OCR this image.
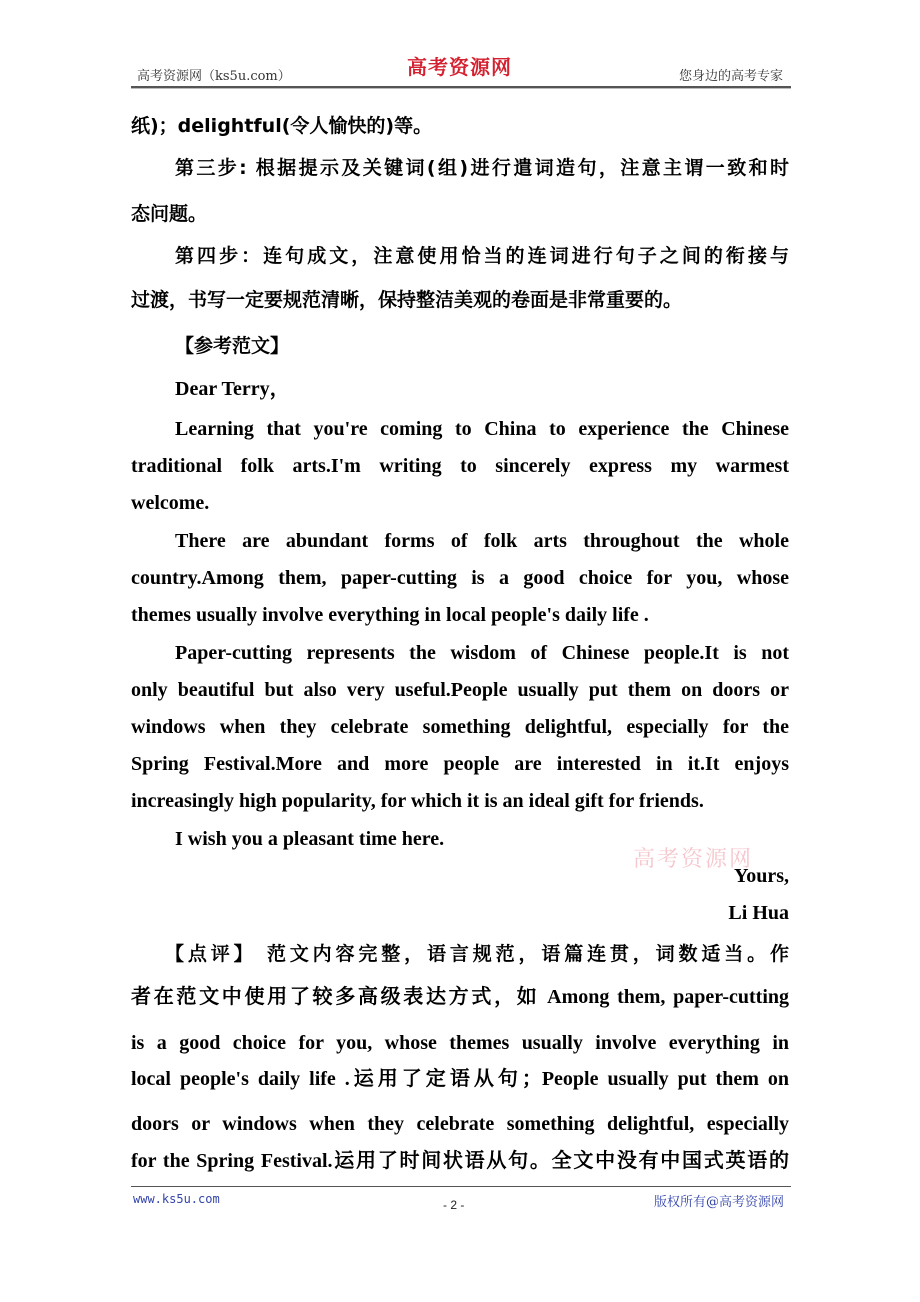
高考资源网（ks5u.com）	高考资源网	您身边的高考专家
纸)；delightful(令人愉快的)等。
第三步: 根据提示及关键词(组)进行遣词造句，注意主谓一致和时
态问题。
第四步：连句成文，注意使用恰当的连词进行句子之间的衔接与
过渡，书写一定要规范清晰，保持整洁美观的卷面是非常重要的。
【参考范文】
Dear Terry，
Learning that you're coming to China to experience the Chinese
traditional folk arts.I'm writing to sincerely express my warmest
welcome.
There are abundant forms of folk arts throughout the whole
country.Among them, paper-cutting is a good choice for you, whose
themes usually involve everything in local people's daily life .
Paper-cutting represents the wisdom of Chinese people.It is not
only beautiful but also very useful.People usually put them on doors or
windows when they celebrate something delightful, especially for the
Spring Festival.More and more people are interested in it.It enjoys
increasingly high popularity, for which it is an ideal gift for friends.
I wish you a pleasant time here.
Yours,
Li Hua
【点评】 范文内容完整，语言规范，语篇连贯，词数适当。作
者在范文中使用了较多高级表达方式，如 Among them, paper-cutting
is a good choice for you, whose themes usually involve everything in
local people's daily life .运用了定语从句；People usually put them on
doors or windows when they celebrate something delightful, especially
for the Spring Festival.运用了时间状语从句。全文中没有中国式英语的
高考资源网
www.ks5u.com	- 2 -	版权所有@高考资源网
